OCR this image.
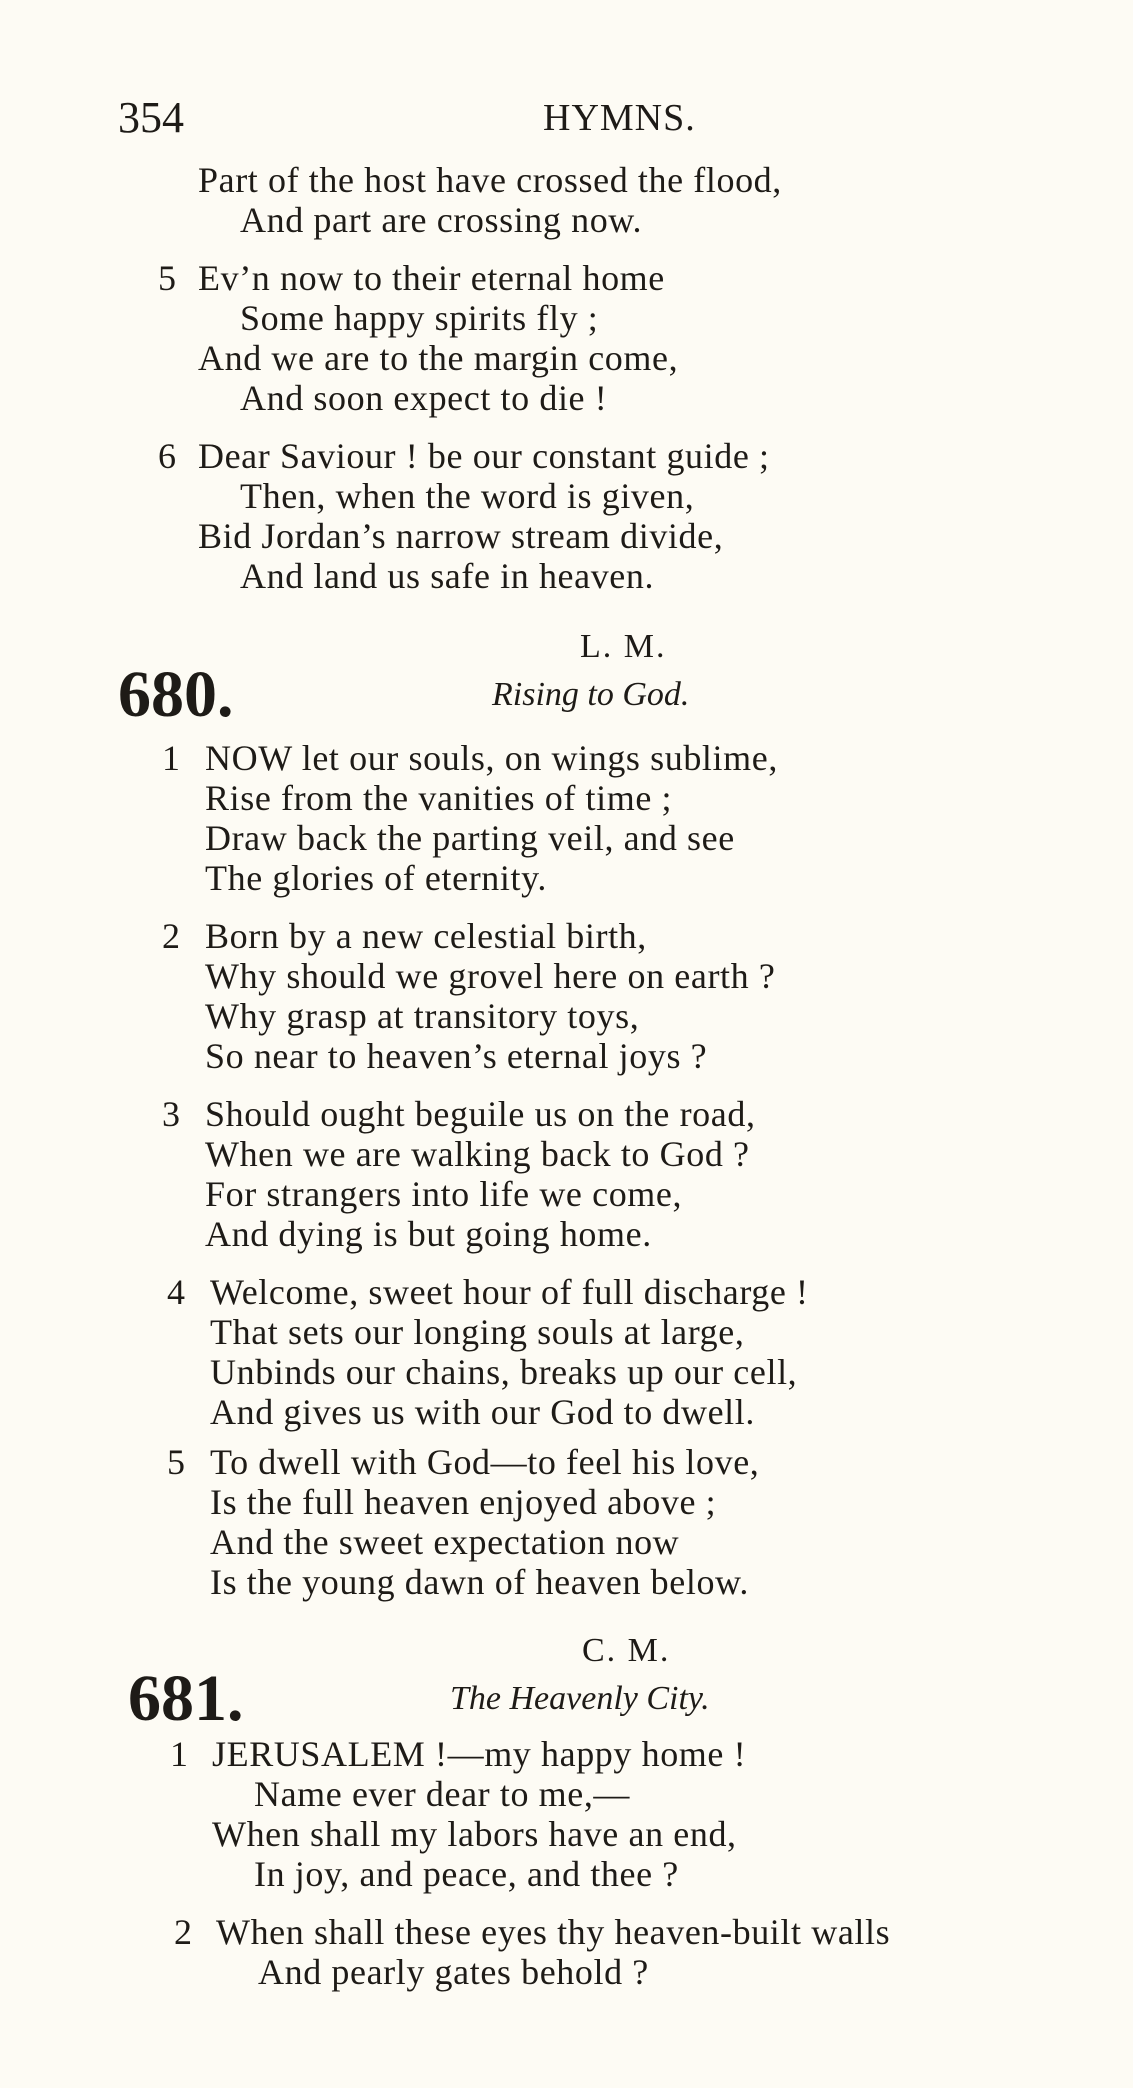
354	HYMNS.
Part of the host have crossed the flood,
And part are crossing now.
5 Ev’n now to their eternal home
Some happy spirits fly ;
And we are to the margin come,
And soon expect to die !
6 Dear Saviour ! be our constant guide ;
Then, when the word is given,
Bid Jordan’s narrow stream divide,
And land us safe in heaven.
L. M.
680.	Rising to God.
1 NOW let our souls, on wings sublime,
Rise from the vanities of time ;
Draw back the parting veil, and see
The glories of eternity.
2 Born by a new celestial birth,
Why should we grovel here on earth ?
Why grasp at transitory toys,
So near to heaven’s eternal joys ?
3 Should ought beguile us on the road,
When we are walking back to God ?
For strangers into life we come,
And dying is but going home.
4 Welcome, sweet hour of full discharge !
That sets our longing souls at large,
Unbinds our chains, breaks up our cell,
And gives us with our God to dwell.
5 To dwell with God—to feel his love,
Is the full heaven enjoyed above ;
And the sweet expectation now
Is the young dawn of heaven below.
C. M.
681.	The Heavenly City.
1 JERUSALEM !—my happy home !
Name ever dear to me,—
When shall my labors have an end,
In joy, and peace, and thee ?
2 When shall these eyes thy heaven-built walls
And pearly gates behold ?
